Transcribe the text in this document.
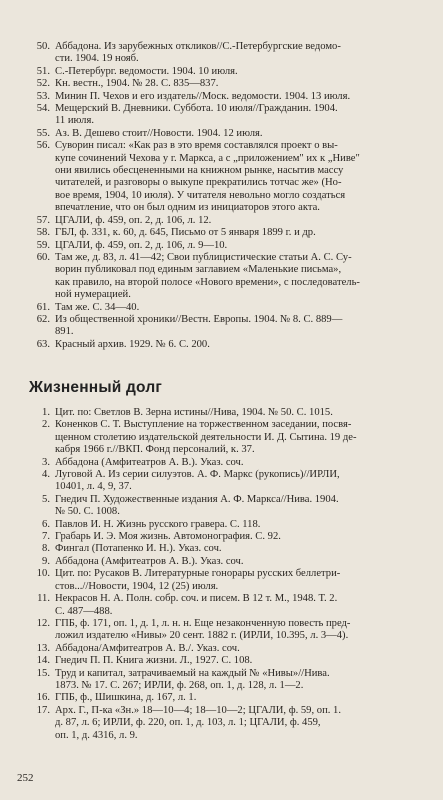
50. Аббадона. Из зарубежных откликов//С.-Петербургские ведомо-
сти. 1904. 19 нояб.
51. С.-Петербург. ведомости. 1904. 10 июля.
52. Кн. вестн., 1904. № 28. С. 835—837.
53. Минин П. Чехов и его издатель//Моск. ведомости. 1904. 13 июля.
54. Мещерский В. Дневники. Суббота. 10 июля//Гражданин. 1904.
11 июля.
55. Аз. В. Дешево стоит//Новости. 1904. 12 июля.
56. Суворин писал: «Как раз в это время составлялся проект о вы-
купе сочинений Чехова у г. Маркса, а с „приложением" их к „Ниве"
они явились обесцененными на книжном рынке, насытив массу
читателей, и разговоры о выкупе прекратились тотчас же» (Но-
вое время, 1904, 10 июля). У читателя невольно могло создаться
впечатление, что он был одним из инициаторов этого акта.
57. ЦГАЛИ, ф. 459, оп. 2, д. 106, л. 12.
58. ГБЛ, ф. 331, к. 60, д. 645, Письмо от 5 января 1899 г. и др.
59. ЦГАЛИ, ф. 459, оп. 2, д. 106, л. 9—10.
60. Там же, д. 83, л. 41—42; Свои публицистические статьи А. С. Су-
ворин публиковал под единым заглавием «Маленькие письма»,
как правило, на второй полосе «Нового времени», с последователь-
ной нумерацией.
61. Там же. С. 34—40.
62. Из общественной хроники//Вестн. Европы. 1904. № 8. С. 889—
891.
63. Красный архив. 1929. № 6. С. 200.
Жизненный долг
1. Цит. по: Светлов В. Зерна истины//Нива, 1904. № 50. С. 1015.
2. Коненков С. Т. Выступление на торжественном заседании, посвя-
щенном столетию издательской деятельности И. Д. Сытина. 19 де-
кабря 1966 г.//ВКП. Фонд персоналий, к. 37.
3. Аббадона (Амфитеатров А. В.). Указ. соч.
4. Луговой А. Из серии силуэтов. А. Ф. Маркс (рукопись)//ИРЛИ,
10401, л. 4, 9, 37.
5. Гнедич П. Художественные издания А. Ф. Маркса//Нива. 1904.
№ 50. С. 1008.
6. Павлов И. Н. Жизнь русского гравера. С. 118.
7. Грабарь И. Э. Моя жизнь. Автомонография. С. 92.
8. Фингал (Потапенко И. Н.). Указ. соч.
9. Аббадона (Амфитеатров А. В.). Указ. соч.
10. Цит. по: Русаков В. Литературные гонорары русских беллетри-
стов...//Новости, 1904, 12 (25) июля.
11. Некрасов Н. А. Полн. собр. соч. и писем. В 12 т. М., 1948. Т. 2.
С. 487—488.
12. ГПБ, ф. 171, оп. 1, д. 1, л. н. н. Еще незаконченную повесть пред-
ложил издателю «Нивы» 20 сент. 1882 г. (ИРЛИ, 10.395, л. 3—4).
13. Аббадона/Амфитеатров А. В./. Указ. соч.
14. Гнедич П. П. Книга жизни. Л., 1927. С. 108.
15. Труд и капитал, затрачиваемый на каждый № «Нивы»//Нива.
1873. № 17. С. 267; ИРЛИ, ф. 268, оп. 1, д. 128, л. 1—2.
16. ГПБ, ф., Шишкина, д. 167, л. 1.
17. Арх. Г., П-ка «Зн.» 18—10—4; 18—10—2; ЦГАЛИ, ф. 59, оп. 1.
д. 87, л. 6; ИРЛИ, ф. 220, оп. 1, д. 103, л. 1; ЦГАЛИ, ф. 459,
оп. 1, д. 4316, л. 9.
252
